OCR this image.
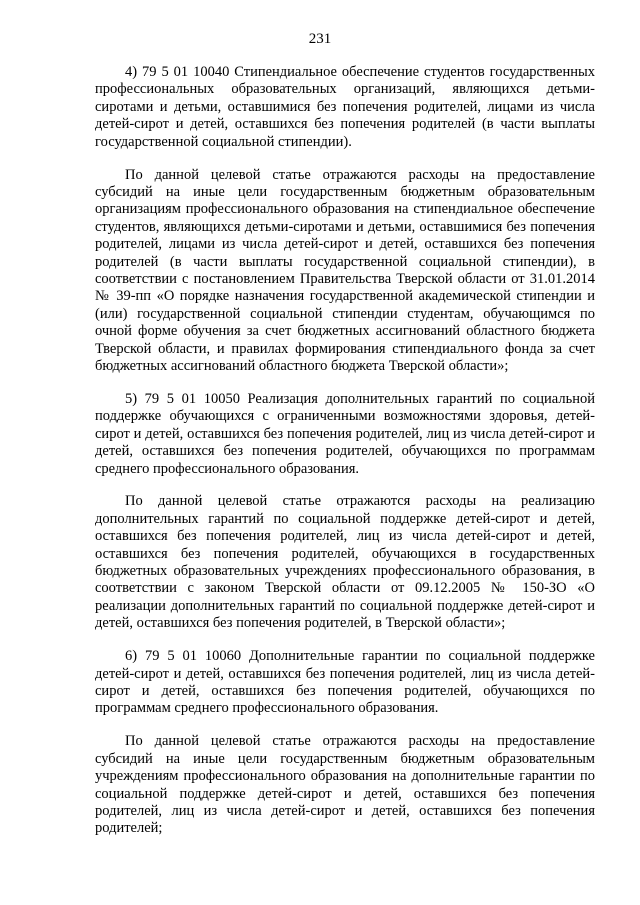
231

4) 79 5 01 10040 Стипендиальное обеспечение студентов государственных профессиональных образовательных организаций, являющихся детьми-сиротами и детьми, оставшимися без попечения родителей, лицами из числа детей-сирот и детей, оставшихся без попечения родителей (в части выплаты государственной социальной стипендии).

По данной целевой статье отражаются расходы на предоставление субсидий на иные цели государственным бюджетным образовательным организациям профессионального образования на стипендиальное обеспечение студентов, являющихся детьми-сиротами и детьми, оставшимися без попечения родителей, лицами из числа детей-сирот и детей, оставшихся без попечения родителей (в части выплаты государственной социальной стипендии), в соответствии с постановлением Правительства Тверской области от 31.01.2014 № 39-пп «О порядке назначения государственной академической стипендии и (или) государственной социальной стипендии студентам, обучающимся по очной форме обучения за счет бюджетных ассигнований областного бюджета Тверской области, и правилах формирования стипендиального фонда за счет бюджетных ассигнований областного бюджета Тверской области»;

5) 79 5 01 10050 Реализация дополнительных гарантий по социальной поддержке обучающихся с ограниченными возможностями здоровья, детей-сирот и детей, оставшихся без попечения родителей, лиц из числа детей-сирот и детей, оставшихся без попечения родителей, обучающихся по программам среднего профессионального образования.

По данной целевой статье отражаются расходы на реализацию дополнительных гарантий по социальной поддержке детей-сирот и детей, оставшихся без попечения родителей, лиц из числа детей-сирот и детей, оставшихся без попечения родителей, обучающихся в государственных бюджетных образовательных учреждениях профессионального образования, в соответствии с законом Тверской области от 09.12.2005 № 150-ЗО «О реализации дополнительных гарантий по социальной поддержке детей-сирот и детей, оставшихся без попечения родителей, в Тверской области»;

6) 79 5 01 10060 Дополнительные гарантии по социальной поддержке детей-сирот и детей, оставшихся без попечения родителей, лиц из числа детей-сирот и детей, оставшихся без попечения родителей, обучающихся по программам среднего профессионального образования.

По данной целевой статье отражаются расходы на предоставление субсидий на иные цели государственным бюджетным образовательным учреждениям профессионального образования на дополнительные гарантии по социальной поддержке детей-сирот и детей, оставшихся без попечения родителей, лиц из числа детей-сирот и детей, оставшихся без попечения родителей;
